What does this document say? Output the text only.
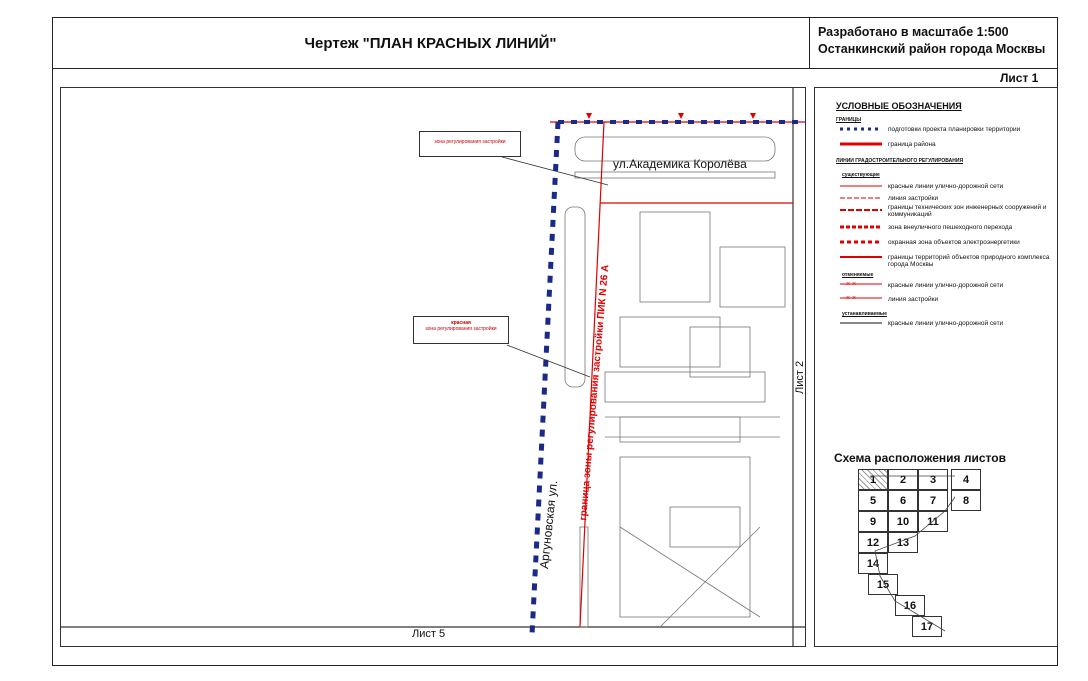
Чертеж "ПЛАН КРАСНЫХ ЛИНИЙ"
Разработано в масштабе 1:500
Останкинский район города Москвы
Лист 1
ул.Академика Королёва
Аргуновская ул.
граница зоны регулирования застройки ПИК N 26 А	Лист 2
Лист 5
зона регулирования застройки
красная
зона регулирования застройки
УСЛОВНЫЕ ОБОЗНАЧЕНИЯ
ГРАНИЦЫ
× ×
× ×
подготовки проекта планировки территории
граница района
ЛИНИИ ГРАДОСТРОИТЕЛЬНОГО РЕГУЛИРОВАНИЯ
существующие
красные линии улично-дорожной сети
линия застройки
границы технических зон инженерных сооружений и коммуникаций
зона внеуличного пешеходного перехода
охранная зона объектов электроэнергетики
границы территорий объектов природного комплекса города Москвы
отменяемые
красные линии улично-дорожной сети
линия застройки
устанавливаемые
красные линии улично-дорожной сети
Схема расположения листов
1	2	3	4
5	6	7	8
9	10	11
12	13
14
15
16
17
